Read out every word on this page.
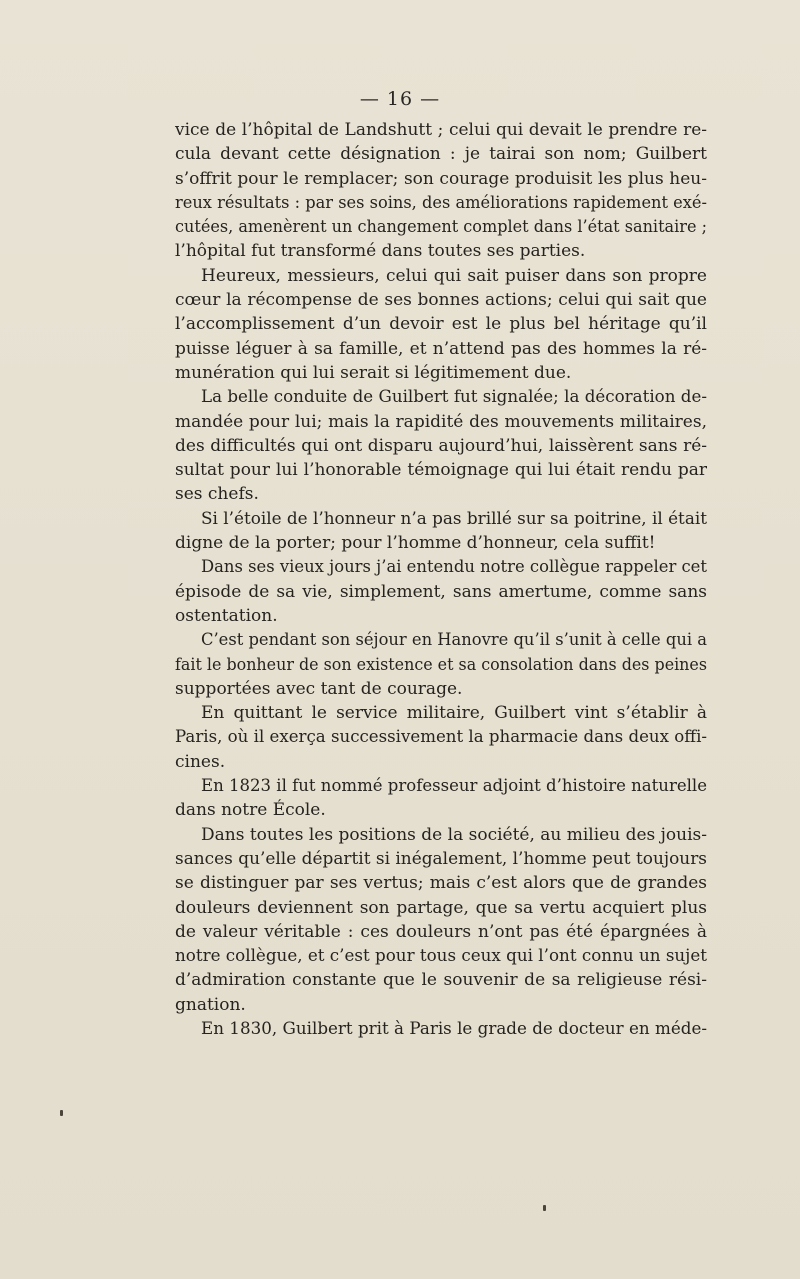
— 16 —
vice de l’hôpital de Landshutt ; celui qui devait le prendre re-
cula devant cette désignation : je tairai son nom; Guilbert
s’offrit pour le remplacer; son courage produisit les plus heu-
reux résultats : par ses soins, des améliorations rapidement exé-
cutées, amenèrent un changement complet dans l’état sanitaire ;
l’hôpital fut transformé dans toutes ses parties.
Heureux, messieurs, celui qui sait puiser dans son propre
cœur la récompense de ses bonnes actions; celui qui sait que
l’accomplissement d’un devoir est le plus bel héritage qu’il
puisse léguer à sa famille, et n’attend pas des hommes la ré-
munération qui lui serait si légitimement due.
La belle conduite de Guilbert fut signalée; la décoration de-
mandée pour lui; mais la rapidité des mouvements militaires,
des difficultés qui ont disparu aujourd’hui, laissèrent sans ré-
sultat pour lui l’honorable témoignage qui lui était rendu par
ses chefs.
Si l’étoile de l’honneur n’a pas brillé sur sa poitrine, il était
digne de la porter; pour l’homme d’honneur, cela suffit!
Dans ses vieux jours j’ai entendu notre collègue rappeler cet
épisode de sa vie, simplement, sans amertume, comme sans
ostentation.
C’est pendant son séjour en Hanovre qu’il s’unit à celle qui a
fait le bonheur de son existence et sa consolation dans des peines
supportées avec tant de courage.
En quittant le service militaire, Guilbert vint s’établir à
Paris, où il exerça successivement la pharmacie dans deux offi-
cines.
En 1823 il fut nommé professeur adjoint d’histoire naturelle
dans notre École.
Dans toutes les positions de la société, au milieu des jouis-
sances qu’elle départit si inégalement, l’homme peut toujours
se distinguer par ses vertus; mais c’est alors que de grandes
douleurs deviennent son partage, que sa vertu acquiert plus
de valeur véritable : ces douleurs n’ont pas été épargnées à
notre collègue, et c’est pour tous ceux qui l’ont connu un sujet
d’admiration constante que le souvenir de sa religieuse rési-
gnation.
En 1830, Guilbert prit à Paris le grade de docteur en méde-
